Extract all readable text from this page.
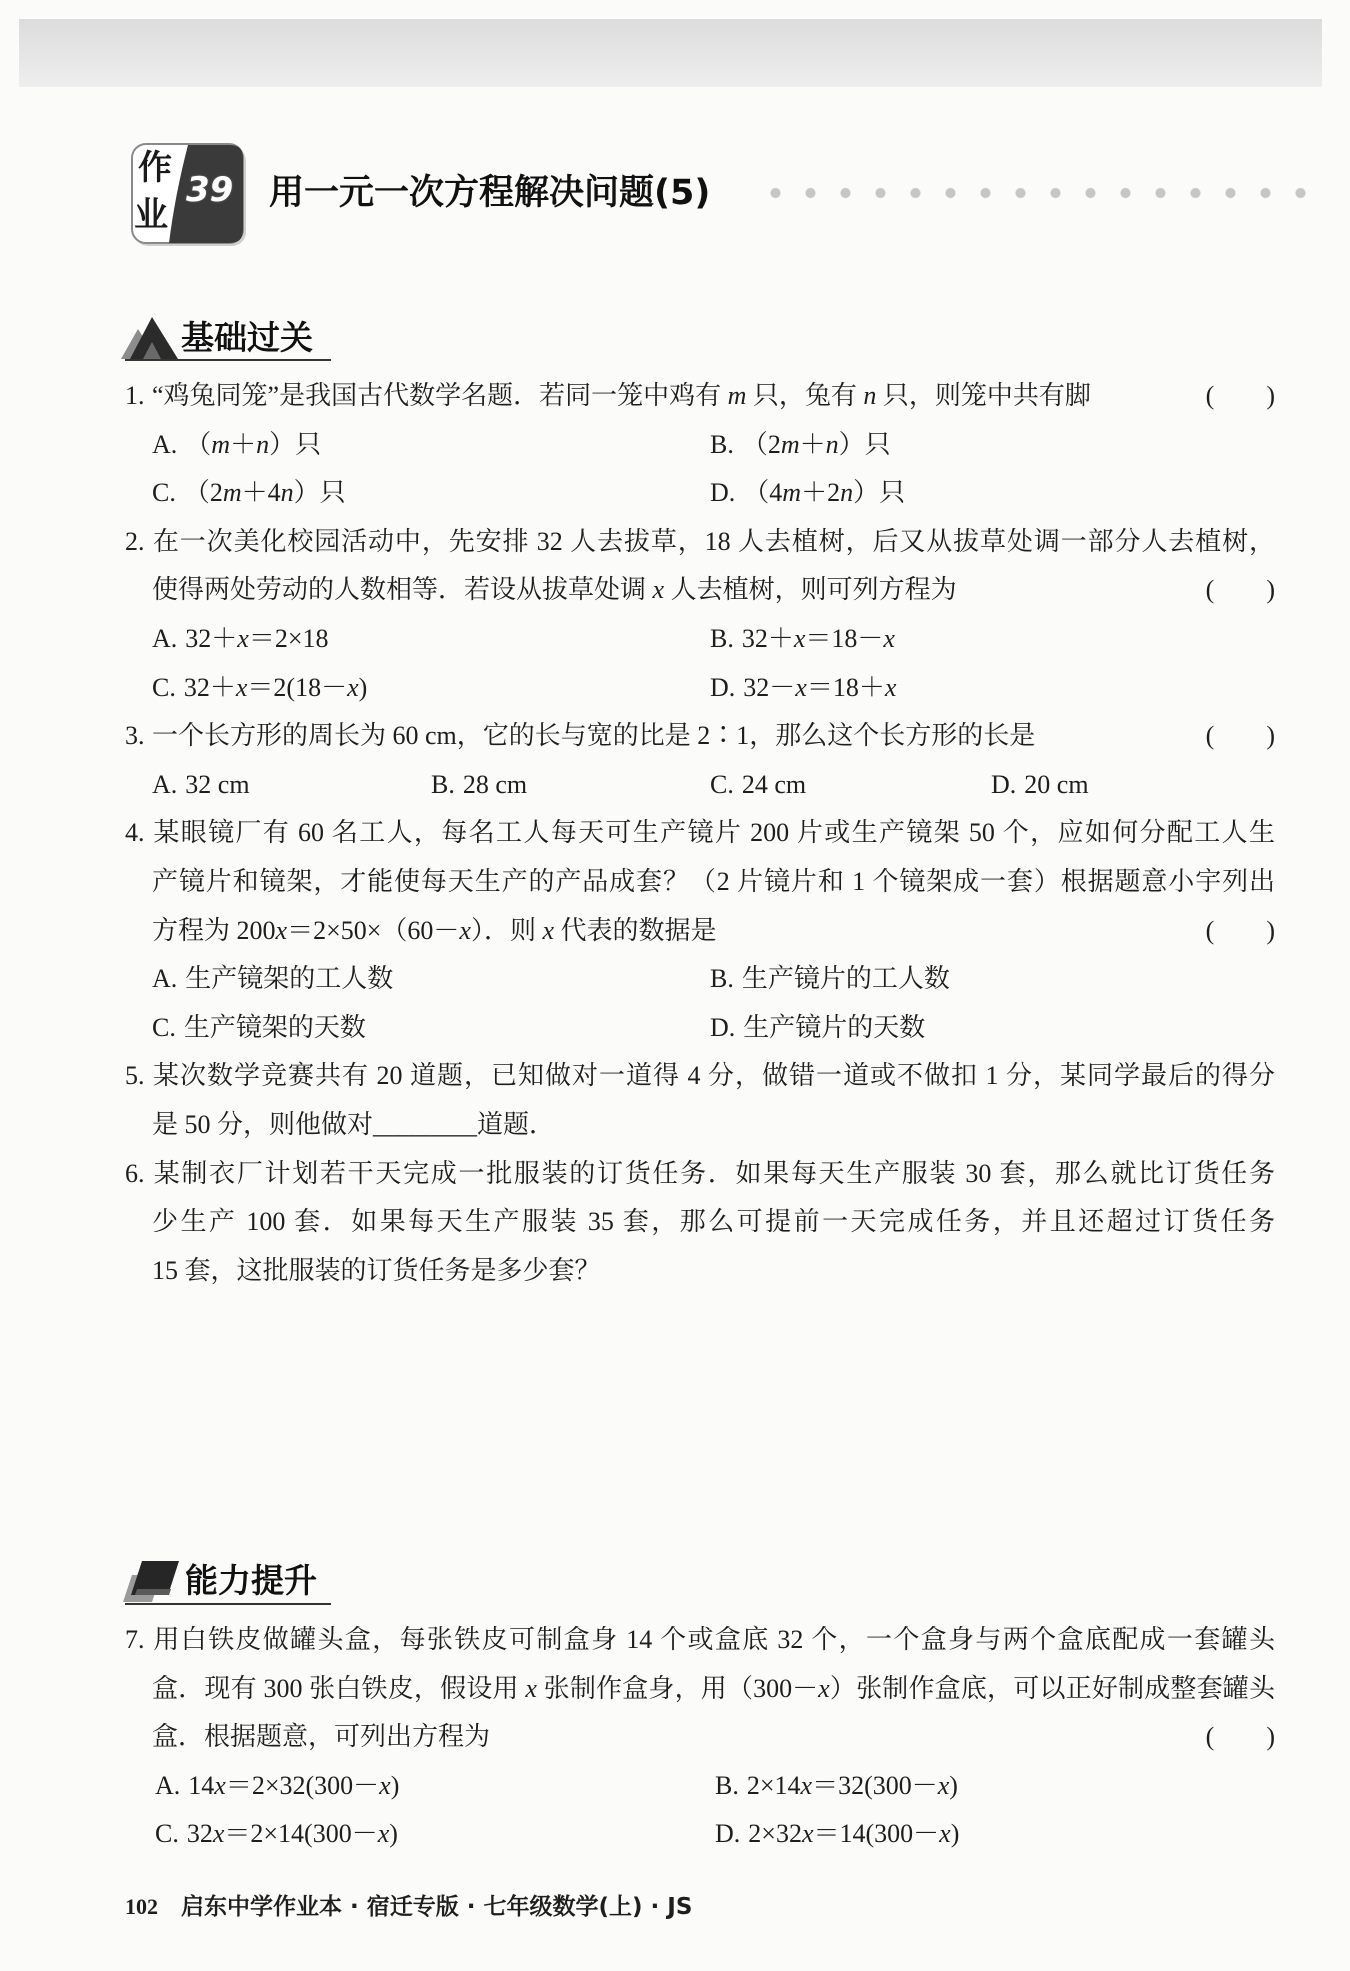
作
业
39 用一元一次方程解决问题(5)
基础过关
1. “鸡兔同笼”是我国古代数学名题．若同一笼中鸡有 m 只，兔有 n 只，则笼中共有脚	(　　)
A. （m＋n）只	B. （2m＋n）只
C. （2m＋4n）只	D. （4m＋2n）只
2. 在一次美化校园活动中，先安排 32 人去拔草，18 人去植树，后又从拔草处调一部分人去植树，
使得两处劳动的人数相等．若设从拔草处调 x 人去植树，则可列方程为	(　　)
A. 32＋x＝2×18	B. 32＋x＝18－x
C. 32＋x＝2(18－x)	D. 32－x＝18＋x
3. 一个长方形的周长为 60 cm，它的长与宽的比是 2∶1，那么这个长方形的长是	(　　)
A. 32 cm	B. 28 cm	C. 24 cm	D. 20 cm
4. 某眼镜厂有 60 名工人，每名工人每天可生产镜片 200 片或生产镜架 50 个，应如何分配工人生
产镜片和镜架，才能使每天生产的产品成套？（2 片镜片和 1 个镜架成一套）根据题意小宇列出
方程为 200x＝2×50×（60－x）．则 x 代表的数据是	(　　)
A. 生产镜架的工人数	B. 生产镜片的工人数
C. 生产镜架的天数	D. 生产镜片的天数
5. 某次数学竞赛共有 20 道题，已知做对一道得 4 分，做错一道或不做扣 1 分，某同学最后的得分
是 50 分，则他做对________道题．
6. 某制衣厂计划若干天完成一批服装的订货任务．如果每天生产服装 30 套，那么就比订货任务
少生产 100 套．如果每天生产服装 35 套，那么可提前一天完成任务，并且还超过订货任务
15 套，这批服装的订货任务是多少套？
能力提升
7. 用白铁皮做罐头盒，每张铁皮可制盒身 14 个或盒底 32 个，一个盒身与两个盒底配成一套罐头
盒．现有 300 张白铁皮，假设用 x 张制作盒身，用（300－x）张制作盒底，可以正好制成整套罐头
盒．根据题意，可列出方程为	(　　)
A. 14x＝2×32(300－x)	B. 2×14x＝32(300－x)
C. 32x＝2×14(300－x)	D. 2×32x＝14(300－x)
102 启东中学作业本 · 宿迁专版 · 七年级数学(上) · JS
